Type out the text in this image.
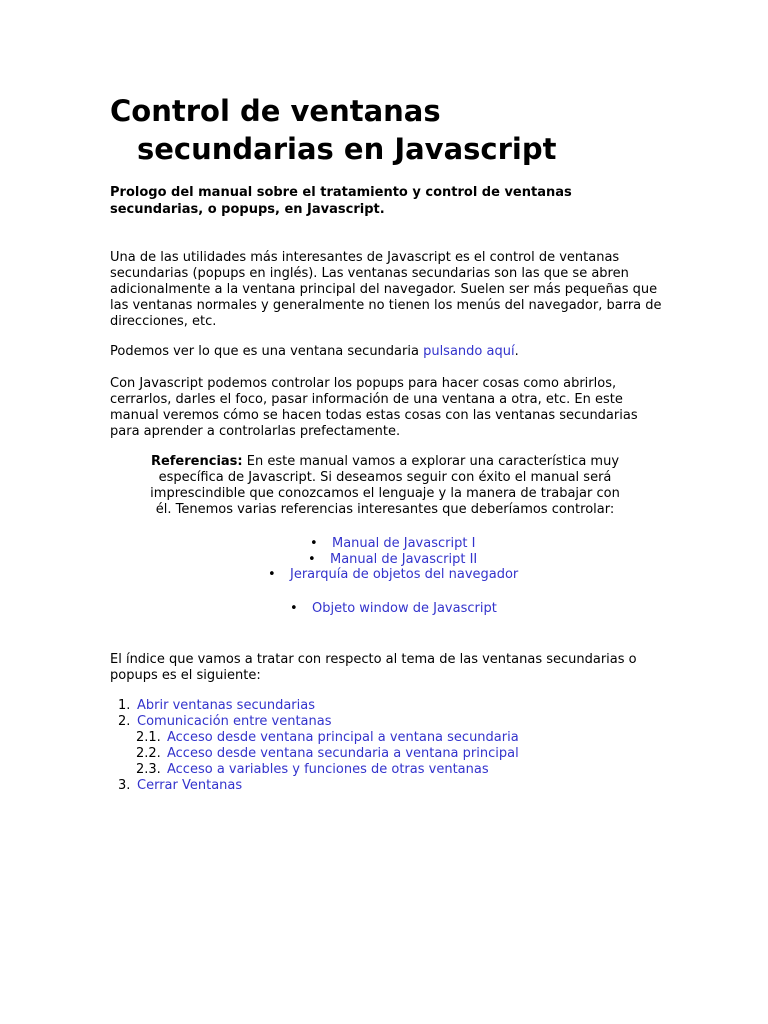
Control de ventanas
secundarias en Javascript

Prologo del manual sobre el tratamiento y control de ventanas secundarias, o popups, en Javascript.

Una de las utilidades más interesantes de Javascript es el control de ventanas secundarias (popups en inglés). Las ventanas secundarias son las que se abren adicionalmente a la ventana principal del navegador. Suelen ser más pequeñas que las ventanas normales y generalmente no tienen los menús del navegador, barra de direcciones, etc.

Podemos ver lo que es una ventana secundaria pulsando aquí.

Con Javascript podemos controlar los popups para hacer cosas como abrirlos, cerrarlos, darles el foco, pasar información de una ventana a otra, etc. En este manual veremos cómo se hacen todas estas cosas con las ventanas secundarias para aprender a controlarlas prefectamente.

Referencias: En este manual vamos a explorar una característica muy específica de Javascript. Si deseamos seguir con éxito el manual será imprescindible que conozcamos el lenguaje y la manera de trabajar con él. Tenemos varias referencias interesantes que deberíamos controlar:

• Manual de Javascript I
• Manual de Javascript II
• Jerarquía de objetos del navegador
• Objeto window de Javascript

El índice que vamos a tratar con respecto al tema de las ventanas secundarias o popups es el siguiente:

1. Abrir ventanas secundarias
2. Comunicación entre ventanas
2.1. Acceso desde ventana principal a ventana secundaria
2.2. Acceso desde ventana secundaria a ventana principal
2.3. Acceso a variables y funciones de otras ventanas
3. Cerrar Ventanas
